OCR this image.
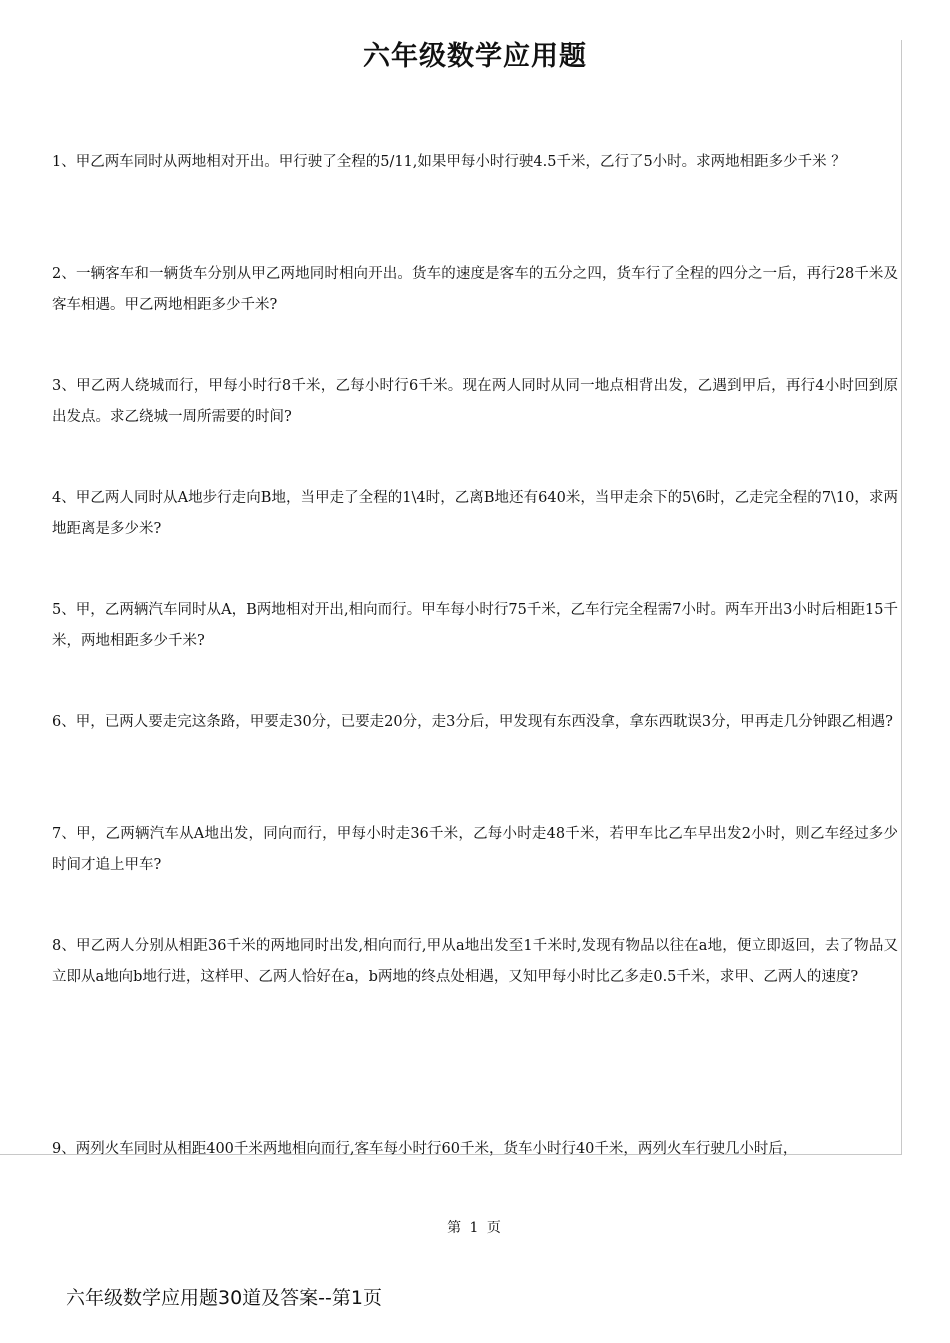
六年级数学应用题
1、甲乙两车同时从两地相对开出。甲行驶了全程的5/11,如果甲每小时行驶4.5千米，乙行了5小时。求两地相距多少千米 ？
2、一辆客车和一辆货车分别从甲乙两地同时相向开出。货车的速度是客车的五分之四，货车行了全程的四分之一后，再行28千米及客车相遇。甲乙两地相距多少千米?
3、甲乙两人绕城而行，甲每小时行8千米，乙每小时行6千米。现在两人同时从同一地点相背出发，乙遇到甲后，再行4小时回到原出发点。求乙绕城一周所需要的时间?
4、甲乙两人同时从A地步行走向B地，当甲走了全程的1\4时，乙离B地还有640米，当甲走余下的5\6时，乙走完全程的7\10，求两地距离是多少米?
5、甲，乙两辆汽车同时从A，B两地相对开出,相向而行。甲车每小时行75千米，乙车行完全程需7小时。两车开出3小时后相距15千米，两地相距多少千米?
6、甲，已两人要走完这条路，甲要走30分，已要走20分，走3分后，甲发现有东西没拿，拿东西耽误3分，甲再走几分钟跟乙相遇?
7、甲，乙两辆汽车从A地出发，同向而行，甲每小时走36千米，乙每小时走48千米，若甲车比乙车早出发2小时，则乙车经过多少时间才追上甲车?
8、甲乙两人分别从相距36千米的两地同时出发,相向而行,甲从a地出发至1千米时,发现有物品以往在a地，便立即返回，去了物品又立即从a地向b地行进，这样甲、乙两人恰好在a，b两地的终点处相遇，又知甲每小时比乙多走0.5千米，求甲、乙两人的速度?
9、两列火车同时从相距400千米两地相向而行,客车每小时行60千米，货车小时行40千米，两列火车行驶几小时后，
第 1 页
六年级数学应用题30道及答案--第1页
